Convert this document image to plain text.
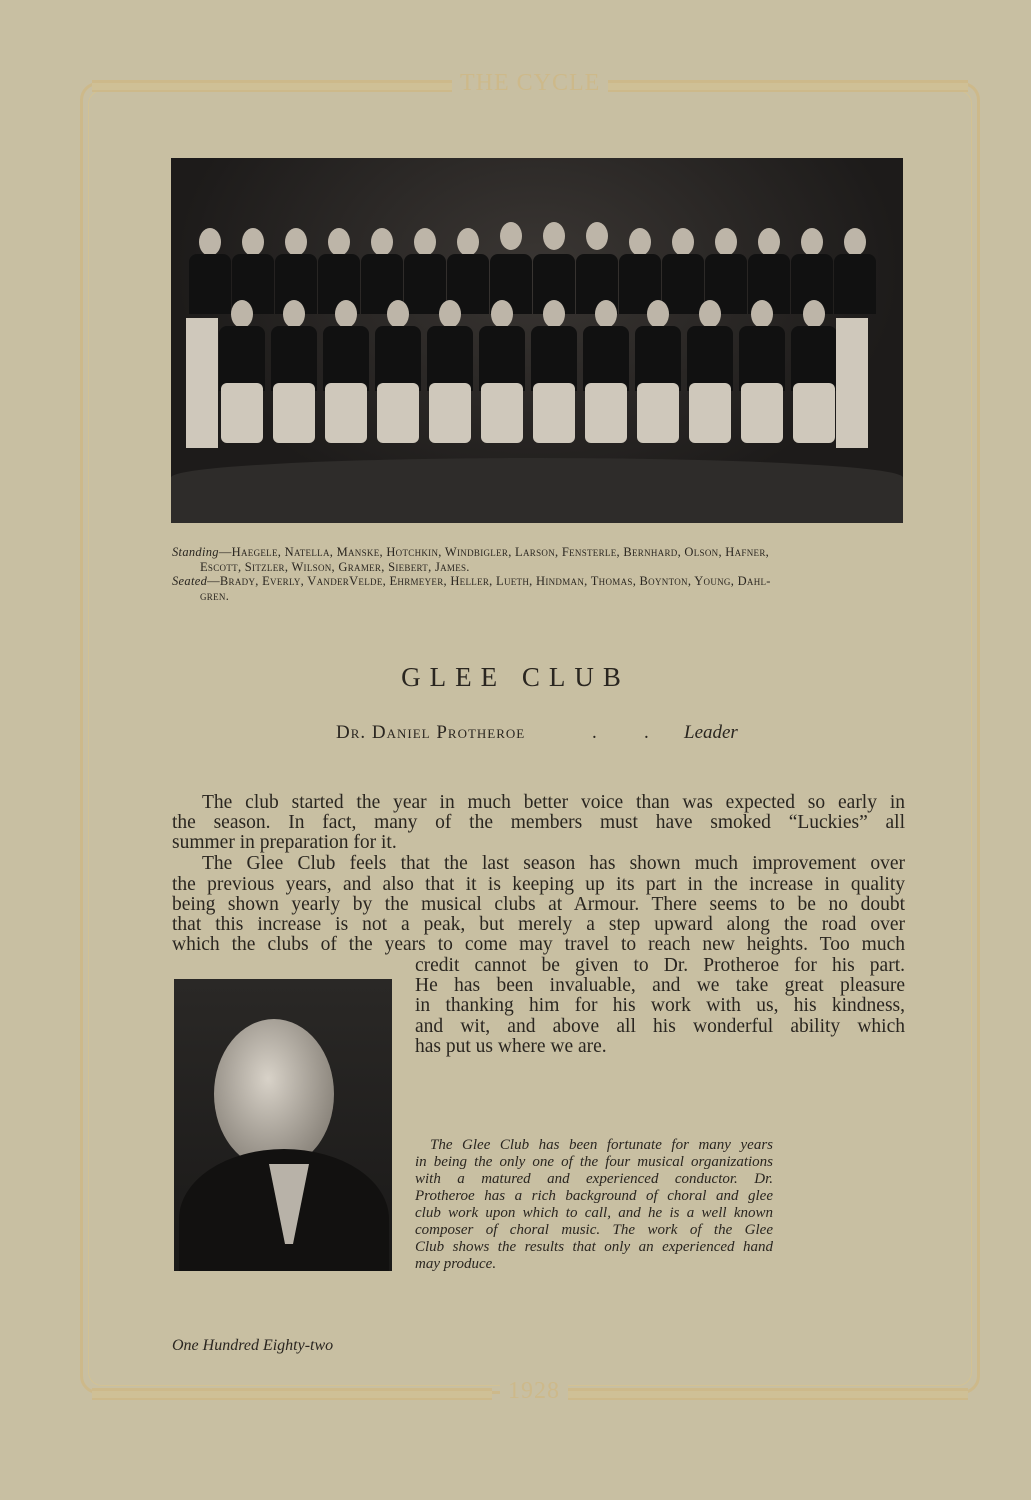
THE CYCLE
1928
Standing—Haegele, Natella, Manske, Hotchkin, Windbigler, Larson, Fensterle, Bernhard, Olson, Hafner,
Escott, Sitzler, Wilson, Gramer, Siebert, James.
Seated—Brady, Everly, VanderVelde, Ehrmeyer, Heller, Lueth, Hindman, Thomas, Boynton, Young, Dahl-
gren.
GLEE CLUB
Dr. Daniel Protheroe	. . Leader
The club started the year in much better voice than was expected so early in
the season. In fact, many of the members must have smoked “Luckies” all
summer in preparation for it.
The Glee Club feels that the last season has shown much improvement over
the previous years, and also that it is keeping up its part in the increase in quality
being shown yearly by the musical clubs at Armour. There seems to be no doubt
that this increase is not a peak, but merely a step upward along the road over
which the clubs of the years to come may travel to reach new heights. Too much
credit cannot be given to Dr. Protheroe for his part.
He has been invaluable, and we take great pleasure
in thanking him for his work with us, his kindness,
and wit, and above all his wonderful ability which
has put us where we are.
The Glee Club has been fortunate for many years
in being the only one of the four musical organizations
with a matured and experienced conductor. Dr.
Protheroe has a rich background of choral and glee
club work upon which to call, and he is a well known
composer of choral music. The work of the Glee
Club shows the results that only an experienced hand
may produce.
One Hundred Eighty-two
